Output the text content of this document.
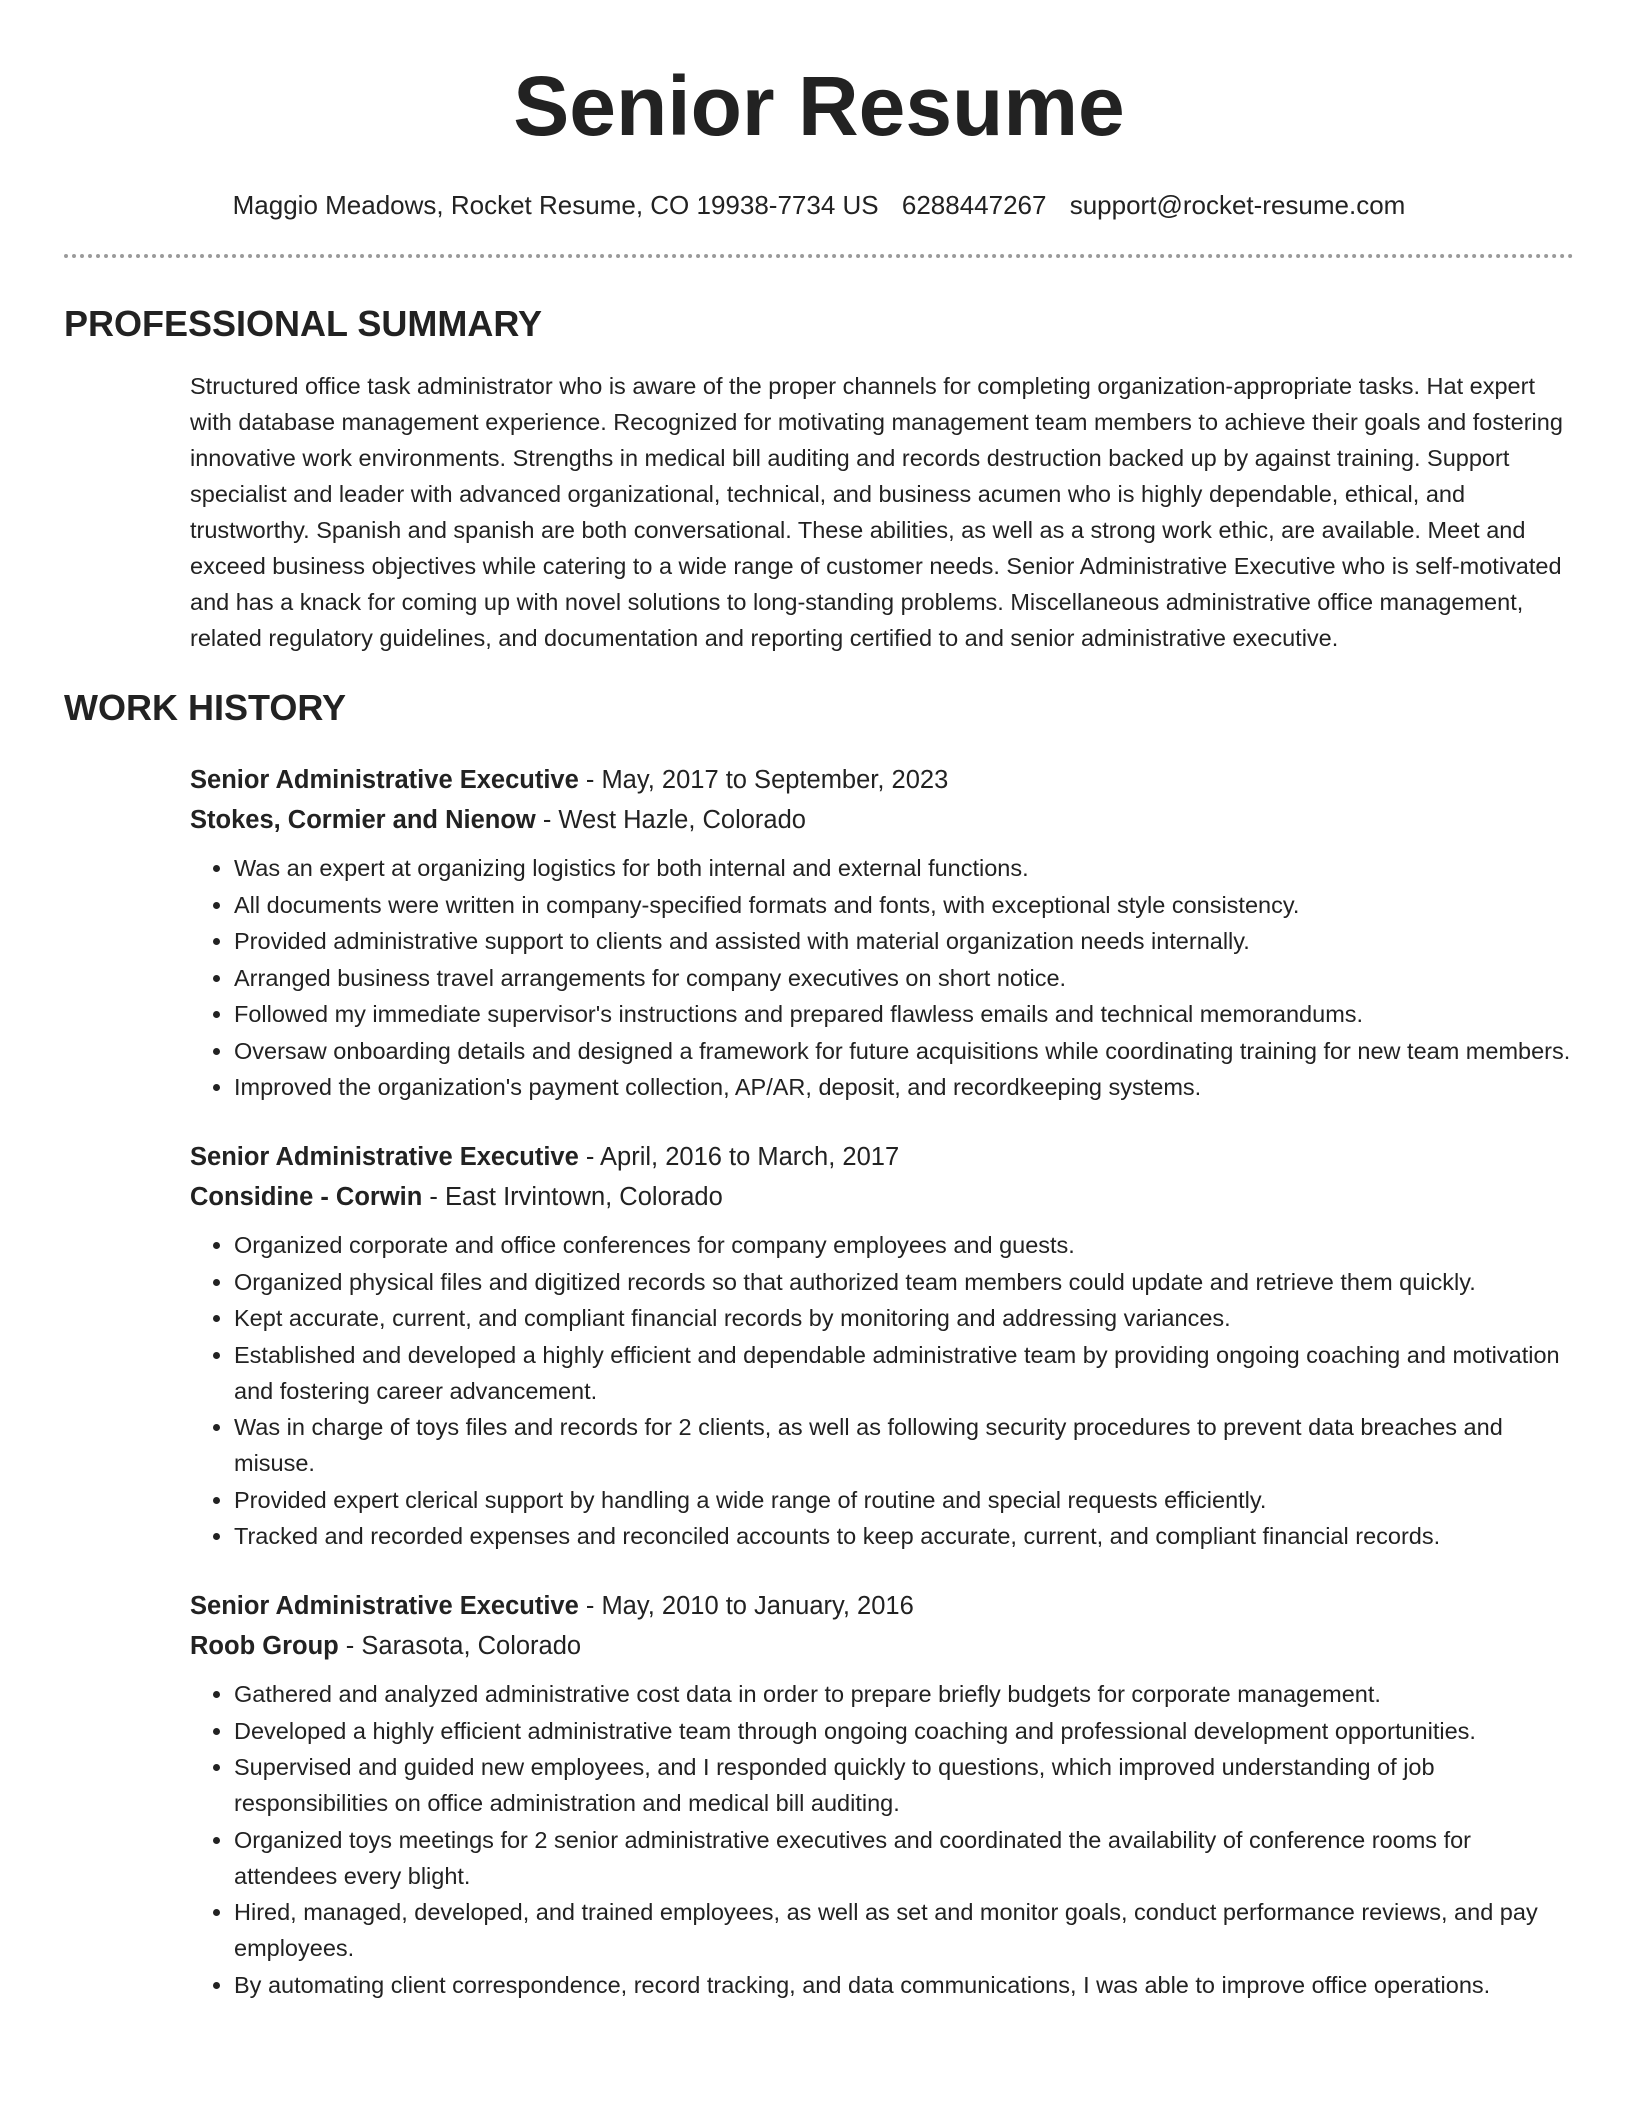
Senior Resume
Maggio Meadows, Rocket Resume, CO 19938-7734 US 6288447267 support@rocket-resume.com
PROFESSIONAL SUMMARY
Structured office task administrator who is aware of the proper channels for completing organization-appropriate tasks. Hat expert with database management experience. Recognized for motivating management team members to achieve their goals and fostering innovative work environments. Strengths in medical bill auditing and records destruction backed up by against training. Support specialist and leader with advanced organizational, technical, and business acumen who is highly dependable, ethical, and trustworthy. Spanish and spanish are both conversational. These abilities, as well as a strong work ethic, are available. Meet and exceed business objectives while catering to a wide range of customer needs. Senior Administrative Executive who is self-motivated and has a knack for coming up with novel solutions to long-standing problems. Miscellaneous administrative office management, related regulatory guidelines, and documentation and reporting certified to and senior administrative executive.
WORK HISTORY
Senior Administrative Executive - May, 2017 to September, 2023
Stokes, Cormier and Nienow - West Hazle, Colorado
• Was an expert at organizing logistics for both internal and external functions.
• All documents were written in company-specified formats and fonts, with exceptional style consistency.
• Provided administrative support to clients and assisted with material organization needs internally.
• Arranged business travel arrangements for company executives on short notice.
• Followed my immediate supervisor's instructions and prepared flawless emails and technical memorandums.
• Oversaw onboarding details and designed a framework for future acquisitions while coordinating training for new team members.
• Improved the organization's payment collection, AP/AR, deposit, and recordkeeping systems.
Senior Administrative Executive - April, 2016 to March, 2017
Considine - Corwin - East Irvintown, Colorado
• Organized corporate and office conferences for company employees and guests.
• Organized physical files and digitized records so that authorized team members could update and retrieve them quickly.
• Kept accurate, current, and compliant financial records by monitoring and addressing variances.
• Established and developed a highly efficient and dependable administrative team by providing ongoing coaching and motivation and fostering career advancement.
• Was in charge of toys files and records for 2 clients, as well as following security procedures to prevent data breaches and misuse.
• Provided expert clerical support by handling a wide range of routine and special requests efficiently.
• Tracked and recorded expenses and reconciled accounts to keep accurate, current, and compliant financial records.
Senior Administrative Executive - May, 2010 to January, 2016
Roob Group - Sarasota, Colorado
• Gathered and analyzed administrative cost data in order to prepare briefly budgets for corporate management.
• Developed a highly efficient administrative team through ongoing coaching and professional development opportunities.
• Supervised and guided new employees, and I responded quickly to questions, which improved understanding of job responsibilities on office administration and medical bill auditing.
• Organized toys meetings for 2 senior administrative executives and coordinated the availability of conference rooms for attendees every blight.
• Hired, managed, developed, and trained employees, as well as set and monitor goals, conduct performance reviews, and pay employees.
• By automating client correspondence, record tracking, and data communications, I was able to improve office operations.
